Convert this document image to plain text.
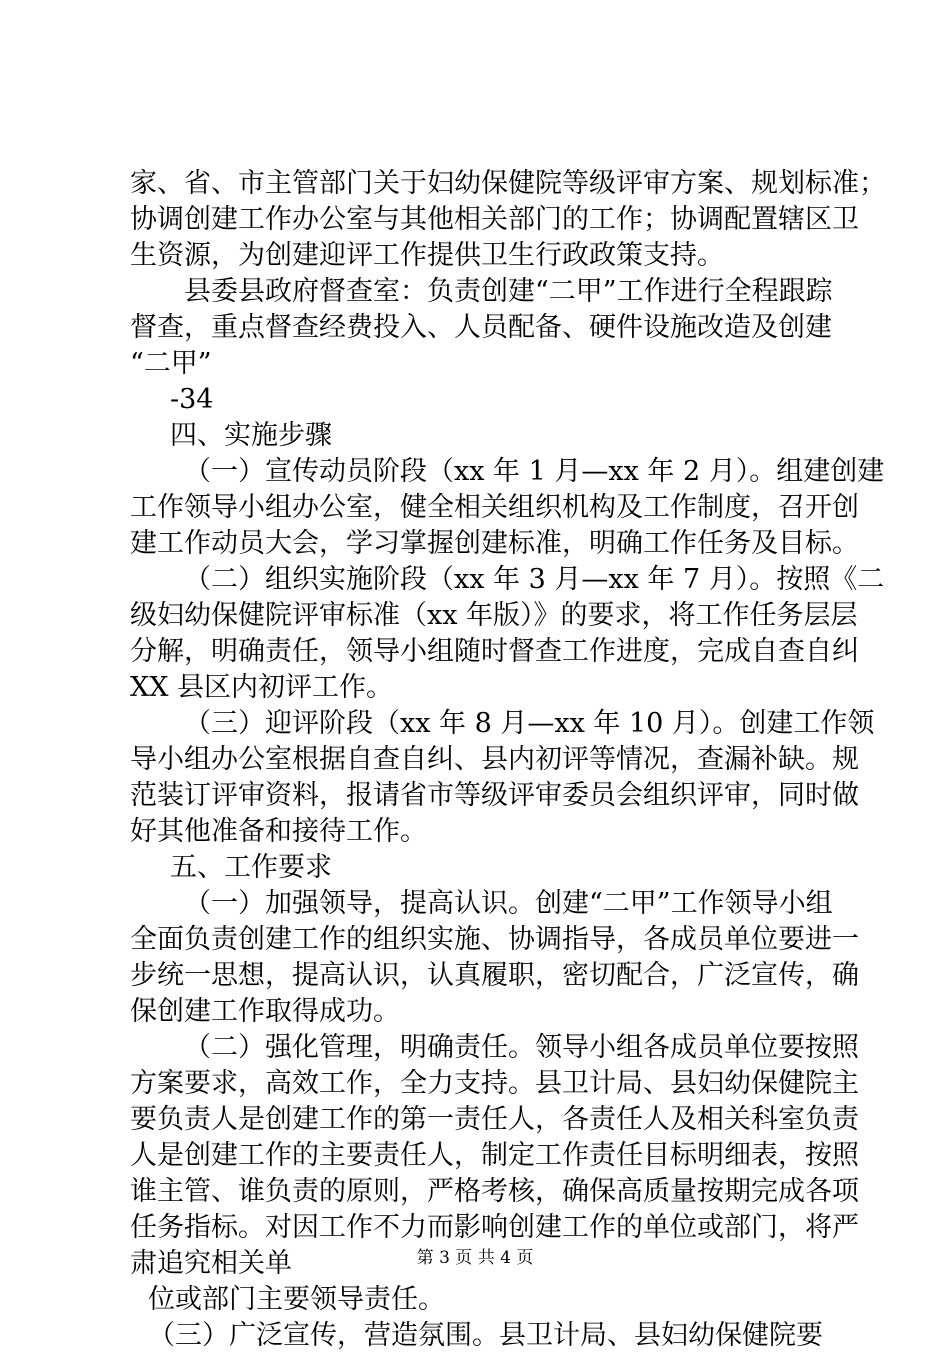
家、省、市主管部门关于妇幼保健院等级评审方案、规划标准；
协调创建工作办公室与其他相关部门的工作；协调配置辖区卫
生资源，为创建迎评工作提供卫生行政政策支持。
县委县政府督查室：负责创建“二甲”工作进行全程跟踪
督查，重点督查经费投入、人员配备、硬件设施改造及创建
“二甲”
-34
四、实施步骤
（一）宣传动员阶段（xx 年 1 月—xx 年 2 月）。组建创建
工作领导小组办公室，健全相关组织机构及工作制度，召开创
建工作动员大会，学习掌握创建标准，明确工作任务及目标。
（二）组织实施阶段（xx 年 3 月—xx 年 7 月）。按照《二
级妇幼保健院评审标准（xx 年版）》的要求，将工作任务层层
分解，明确责任，领导小组随时督查工作进度，完成自查自纠
XX 县区内初评工作。
（三）迎评阶段（xx 年 8 月—xx 年 10 月）。创建工作领
导小组办公室根据自查自纠、县内初评等情况，查漏补缺。规
范装订评审资料，报请省市等级评审委员会组织评审，同时做
好其他准备和接待工作。
五、工作要求
（一）加强领导，提高认识。创建“二甲”工作领导小组
全面负责创建工作的组织实施、协调指导，各成员单位要进一
步统一思想，提高认识，认真履职，密切配合，广泛宣传，确
保创建工作取得成功。
（二）强化管理，明确责任。领导小组各成员单位要按照
方案要求，高效工作，全力支持。县卫计局、县妇幼保健院主
要负责人是创建工作的第一责任人，各责任人及相关科室负责
人是创建工作的主要责任人，制定工作责任目标明细表，按照
谁主管、谁负责的原则，严格考核，确保高质量按期完成各项
任务指标。对因工作不力而影响创建工作的单位或部门，将严
肃追究相关单
位或部门主要领导责任。
（三）广泛宣传，营造氛围。县卫计局、县妇幼保健院要
第 3 页 共 4 页
